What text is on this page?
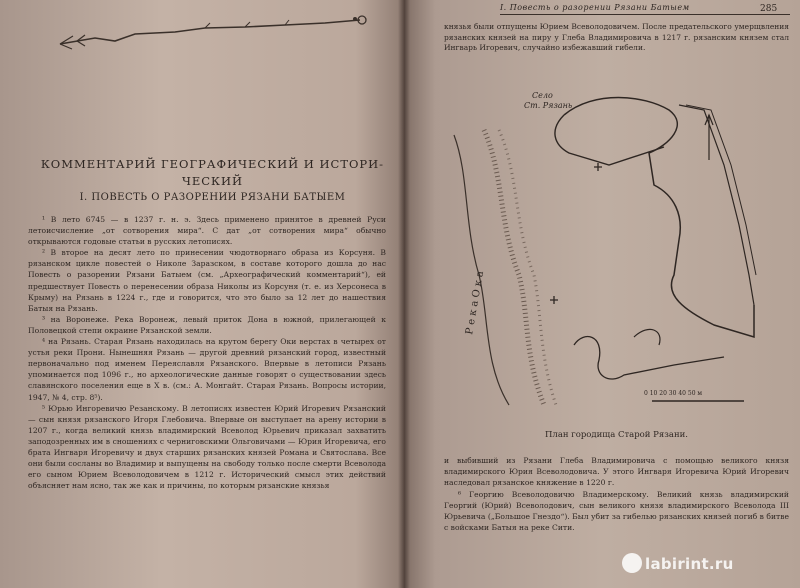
КОММЕНТАРИЙ ГЕОГРАФИЧЕСКИЙ И ИСТОРИ-
ЧЕСКИЙ
I. ПОВЕСТЬ О РАЗОРЕНИИ РЯЗАНИ БАТЫЕМ

¹ В лето 6745 — в 1237 г. н. э. Здесь применено принятое в древней Руси летоисчисление „от сотворения мира“. С дат „от сотворения мира“ обычно открываются годовые статьи в русских летописях.

² В второе на десят лето по принесении чюдотворнаго образа из Корсуня. В рязанском цикле повестей о Николе Заразском, в составе которого дошла до нас Повесть о разорении Рязани Батыем (см. „Археографический комментарий“), ей предшествует Повесть о перенесении образа Николы из Корсуня (т. е. из Херсонеса в Крыму) на Рязань в 1224 г., где и говорится, что это было за 12 лет до нашествия Батыя на Рязань.

³ на Воронеже. Река Воронеж, левый приток Дона в южной, прилегающей к Половецкой степи окраине Рязанской земли.

⁴ на Рязань. Старая Рязань находилась на крутом берегу Оки верстах в четырех от устья реки Прони. Нынешняя Рязань — другой древний рязанский город, известный первоначально под именем Переяславля Рязанского. Впервые в летописи Рязань упоминается под 1096 г., но археологические данные говорят о существовании здесь славянского поселения еще в X в. (см.: А. Монгайт. Старая Рязань. Вопросы истории, 1947, № 4, стр. 8⁵).

⁵ Юрью Ингоревичю Резанскому. В летописях известен Юрий Игоревич Рязанский — сын князя рязанского Игоря Глебовича. Впервые он выступает на арену истории в 1207 г., когда великий князь владимирский Всеволод Юрьевич приказал захватить заподозренных им в сношениях с черниговскими Ольговичами — Юрия Игоревича, его брата Ингваря Игоревичу и двух старших рязанских князей Романа и Святослава. Все они были сосланы во Владимир и выпущены на свободу только после смерти Всеволода его сыном Юрием Всеволодовичем в 1212 г. Исторический смысл этих действий объясняет нам ясно, так же как и причины, по которым рязанские князья

I. Повесть о разорении Рязани Батыем	285

князья были отпущены Юрием Всеволодовичем. После предательского умерщвления рязанских князей на пиру у Глеба Владимировича в 1217 г. рязанским князем стал Ингварь Игоревич, случайно избежавший гибели.

Село
Ст. Рязань
Р е к а О к а
0 10 20 30 40 50 м
План городища Старой Рязани.

и выбивший из Рязани Глеба Владимировича с помощью великого князя владимирского Юрия Всеволодовича. У этого Ингваря Игоревича Юрий Игоревич наследовал рязанское княжение в 1220 г.

⁶ Георгию Всеволодовичю Владимерскому. Великий князь владимирский Георгий (Юрий) Всеволодович, сын великого князя владимирского Всеволода III Юрьевича („Большое Гнездо“). Был убит за гибелью рязанских князей погиб в битве с войсками Батыя на реке Сити.

labirint.ru
